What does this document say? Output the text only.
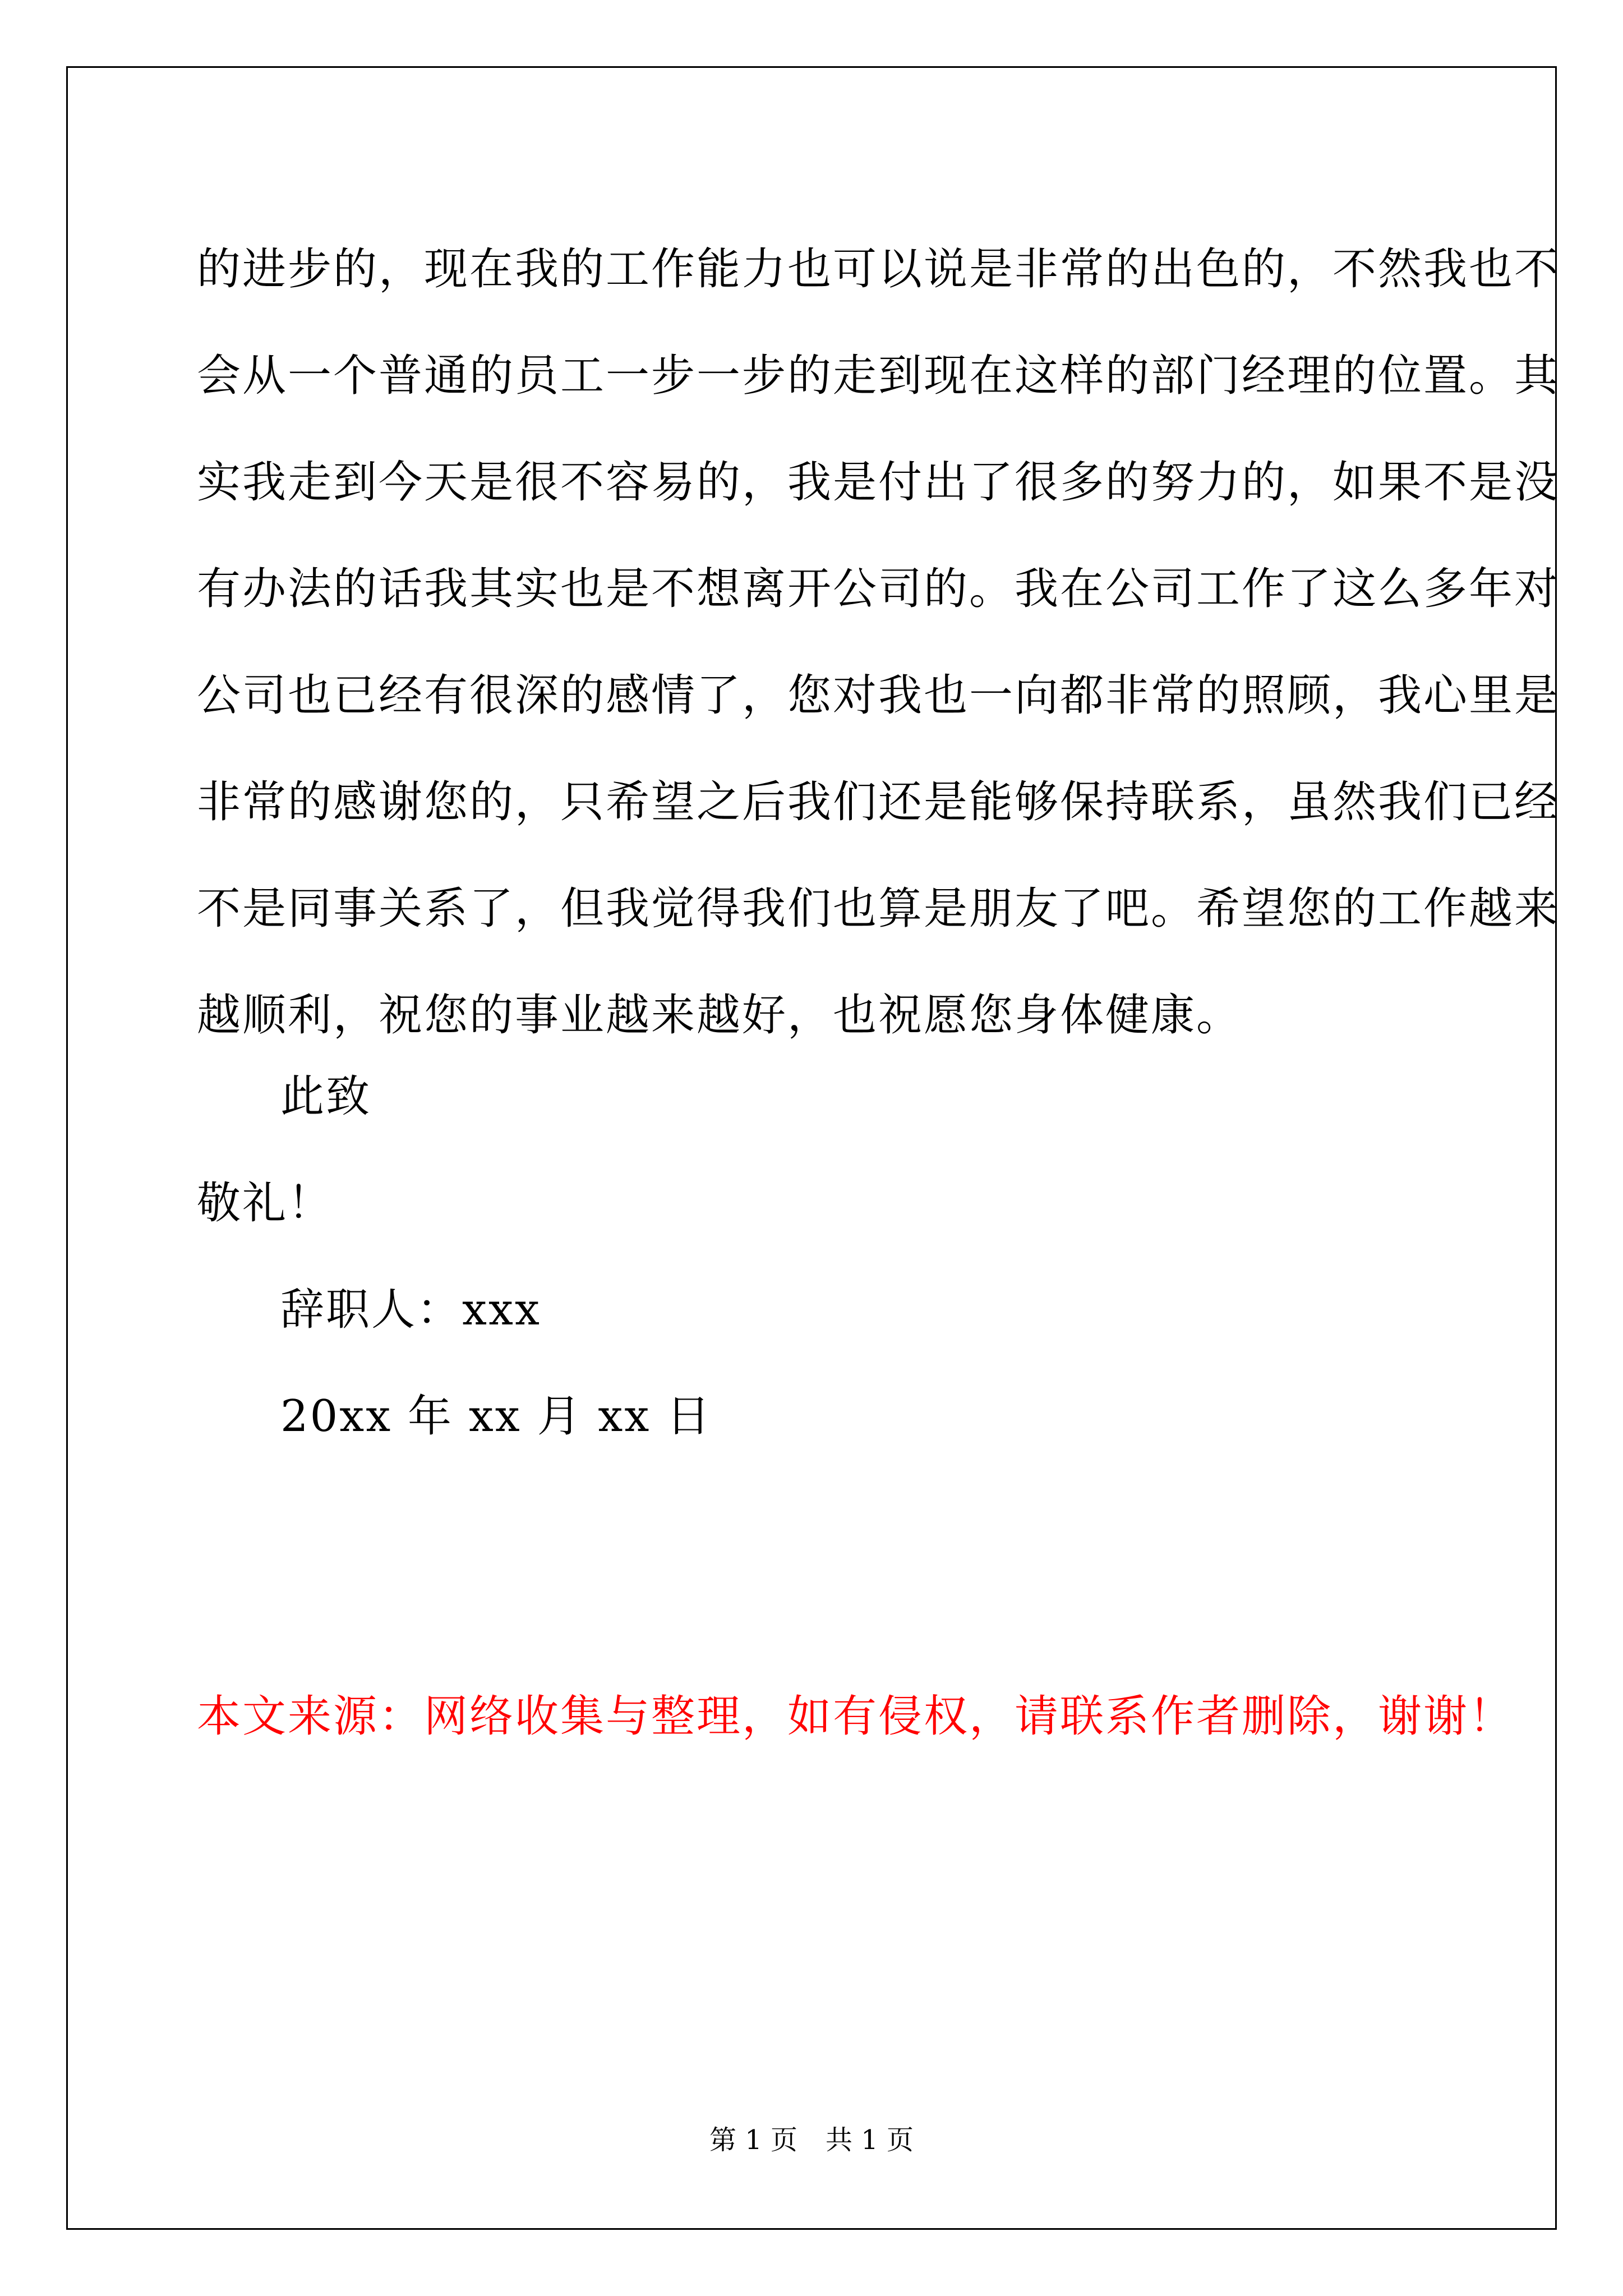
的进步的，现在我的工作能力也可以说是非常的出色的，不然我也不
会从一个普通的员工一步一步的走到现在这样的部门经理的位置。其
实我走到今天是很不容易的，我是付出了很多的努力的，如果不是没
有办法的话我其实也是不想离开公司的。我在公司工作了这么多年对
公司也已经有很深的感情了，您对我也一向都非常的照顾，我心里是
非常的感谢您的，只希望之后我们还是能够保持联系，虽然我们已经
不是同事关系了，但我觉得我们也算是朋友了吧。希望您的工作越来
越顺利，祝您的事业越来越好，也祝愿您身体健康。
此致
敬礼！
辞职人：xxx
20xx 年 xx 月 xx 日
本文来源：网络收集与整理，如有侵权，请联系作者删除，谢谢！
第 1 页 共 1 页
